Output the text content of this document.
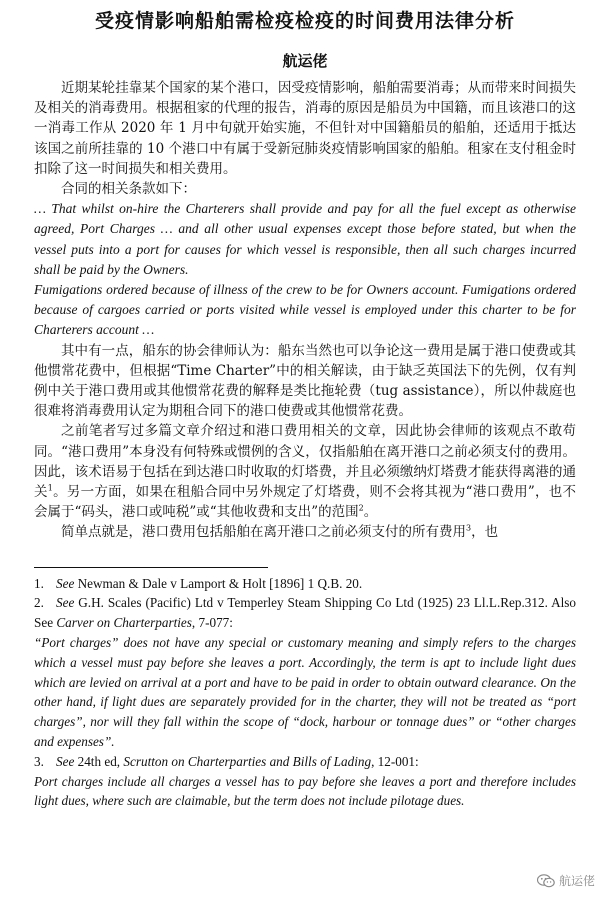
受疫情影响船舶需检疫检疫的时间费用法律分析
航运佬

近期某轮挂靠某个国家的某个港口，因受疫情影响，船舶需要消毒；从而带来时间损失及相关的消毒费用。根据租家的代理的报告，消毒的原因是船员为中国籍，而且该港口的这一消毒工作从 2020 年 1 月中旬就开始实施，不但针对中国籍船员的船舶，还适用于抵达该国之前所挂靠的 10 个港口中有属于受新冠肺炎疫情影响国家的船舶。租家在支付租金时扣除了这一时间损失和相关费用。

合同的相关条款如下：

… That whilst on-hire the Charterers shall provide and pay for all the fuel except as otherwise agreed, Port Charges … and all other usual expenses except those before stated, but when the vessel puts into a port for causes for which vessel is responsible, then all such charges incurred shall be paid by the Owners.

Fumigations ordered because of illness of the crew to be for Owners account. Fumigations ordered because of cargoes carried or ports visited while vessel is employed under this charter to be for Charterers account …

其中有一点，船东的协会律师认为：船东当然也可以争论这一费用是属于港口使费或其他惯常花费中，但根据“Time Charter”中的相关解读，由于缺乏英国法下的先例，仅有判例中关于港口费用或其他惯常花费的解释是类比拖轮费（tug assistance），所以仲裁庭也很难将消毒费用认定为期租合同下的港口使费或其他惯常花费。

之前笔者写过多篇文章介绍过和港口费用相关的文章，因此协会律师的该观点不敢苟同。“港口费用”本身没有何特殊或惯例的含义，仅指船舶在离开港口之前必须支付的费用。因此，该术语易于包括在到达港口时收取的灯塔费，并且必须缴纳灯塔费才能获得离港的通关$^1$。另一方面，如果在租船合同中另外规定了灯塔费，则不会将其视为“港口费用”，也不会属于“码头，港口或吨税”或“其他收费和支出”的范围$^2$。

简单点就是，港口费用包括船舶在离开港口之前必须支付的所有费用$^3$，也

1. See Newman & Dale v Lamport & Holt [1896] 1 Q.B. 20.

2. See G.H. Scales (Pacific) Ltd v Temperley Steam Shipping Co Ltd (1925) 23 Ll.L.Rep.312. Also See Carver on Charterparties, 7-077:

“Port charges” does not have any special or customary meaning and simply refers to the charges which a vessel must pay before she leaves a port. Accordingly, the term is apt to include light dues which are levied on arrival at a port and have to be paid in order to obtain outward clearance. On the other hand, if light dues are separately provided for in the charter, they will not be treated as “port charges”, nor will they fall within the scope of “dock, harbour or tonnage dues” or “other charges and expenses”.

3. See 24th ed, Scrutton on Charterparties and Bills of Lading, 12-001:

Port charges include all charges a vessel has to pay before she leaves a port and therefore includes light dues, where such are claimable, but the term does not include pilotage dues.

航运佬
